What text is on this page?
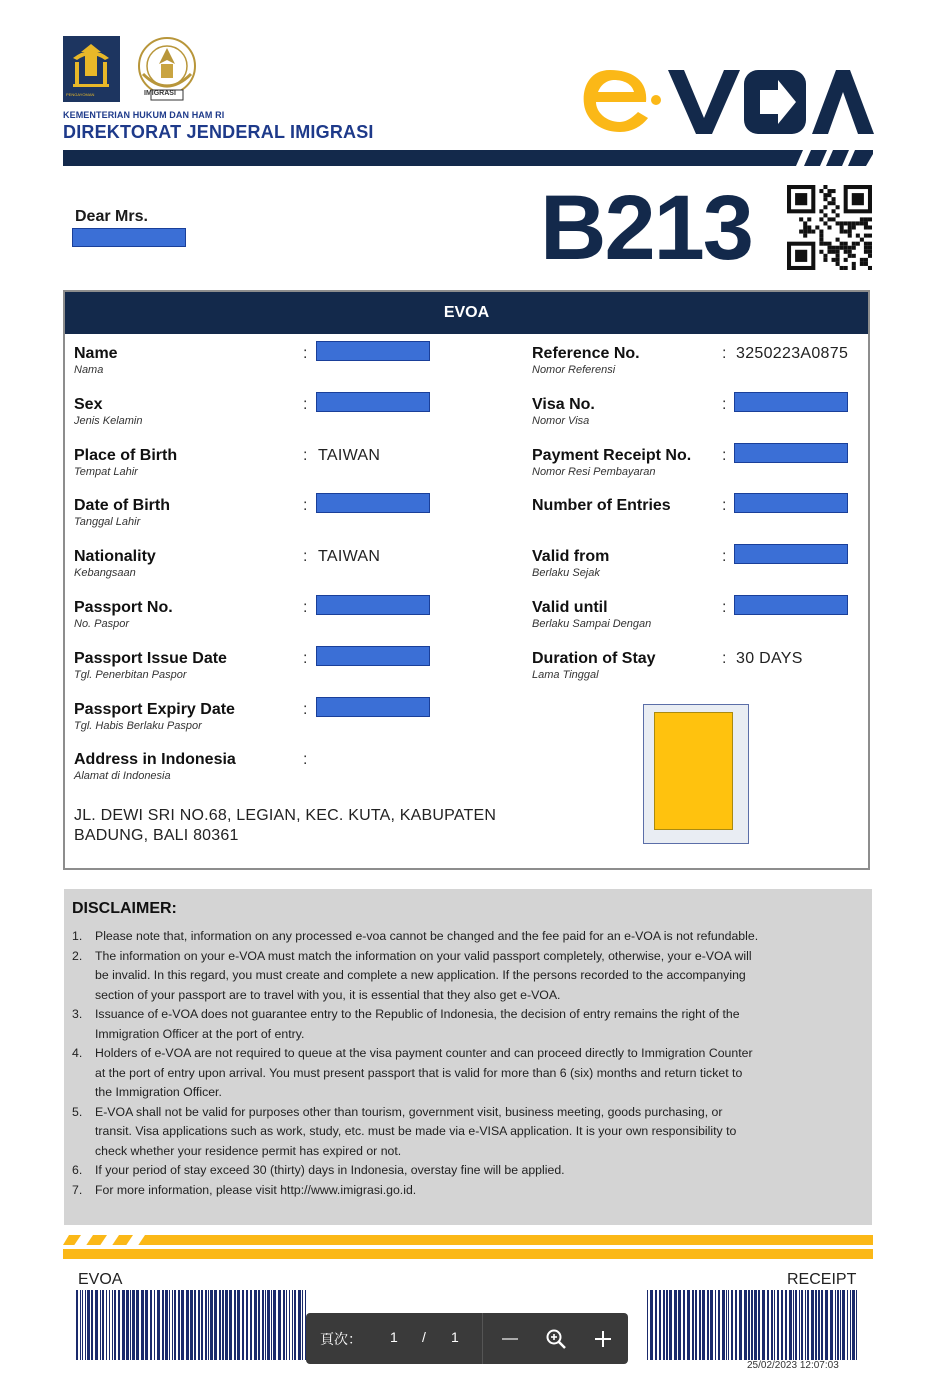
PENGAYOMAN	IMIGRASI
KEMENTERIAN HUKUM DAN HAM RI
DIREKTORAT JENDERAL IMIGRASI
Dear Mrs.	B213
EVOA
Name
Nama
:
Sex
Jenis Kelamin
:
Place of Birth
Tempat Lahir
: TAIWAN
Date of Birth
Tanggal Lahir
:
Nationality
Kebangsaan
: TAIWAN
Passport No.
No. Paspor
:
Passport Issue Date
Tgl. Penerbitan Paspor
:
Passport Expiry Date
Tgl. Habis Berlaku Paspor
:
Address in Indonesia
Alamat di Indonesia
:
Reference No.
Nomor Referensi
: 3250223A0875
Visa No.
Nomor Visa
:
Payment Receipt No.
Nomor Resi Pembayaran
:
Number of Entries	:
Valid from
Berlaku Sejak
:
Valid until
Berlaku Sampai Dengan
:
Duration of Stay
Lama Tinggal
: 30 DAYS
JL. DEWI SRI NO.68, LEGIAN, KEC. KUTA, KABUPATEN
BADUNG, BALI 80361
DISCLAIMER:
1. Please note that, information on any processed e-voa cannot be changed and the fee paid for an e-VOA is not refundable.
2. The information on your e-VOA must match the information on your valid passport completely, otherwise, your e-VOA will
be invalid. In this regard, you must create and complete a new application. If the persons recorded to the accompanying
section of your passport are to travel with you, it is essential that they also get e-VOA.
3. Issuance of e-VOA does not guarantee entry to the Republic of Indonesia, the decision of entry remains the right of the
Immigration Officer at the port of entry.
4. Holders of e-VOA are not required to queue at the visa payment counter and can proceed directly to Immigration Counter
at the port of entry upon arrival. You must present passport that is valid for more than 6 (six) months and return ticket to
the Immigration Officer.
5. E-VOA shall not be valid for purposes other than tourism, government visit, business meeting, goods purchasing, or
transit. Visa applications such as work, study, etc. must be made via e-VISA application. It is your own responsibility to
check whether your residence permit has expired or not.
6. If your period of stay exceed 30 (thirty) days in Indonesia, overstay fine will be applied.
7. For more information, please visit http://www.imigrasi.go.id.
EVOA	RECEIPT
25/02/2023 12:07:03
頁次： 1 / 1
